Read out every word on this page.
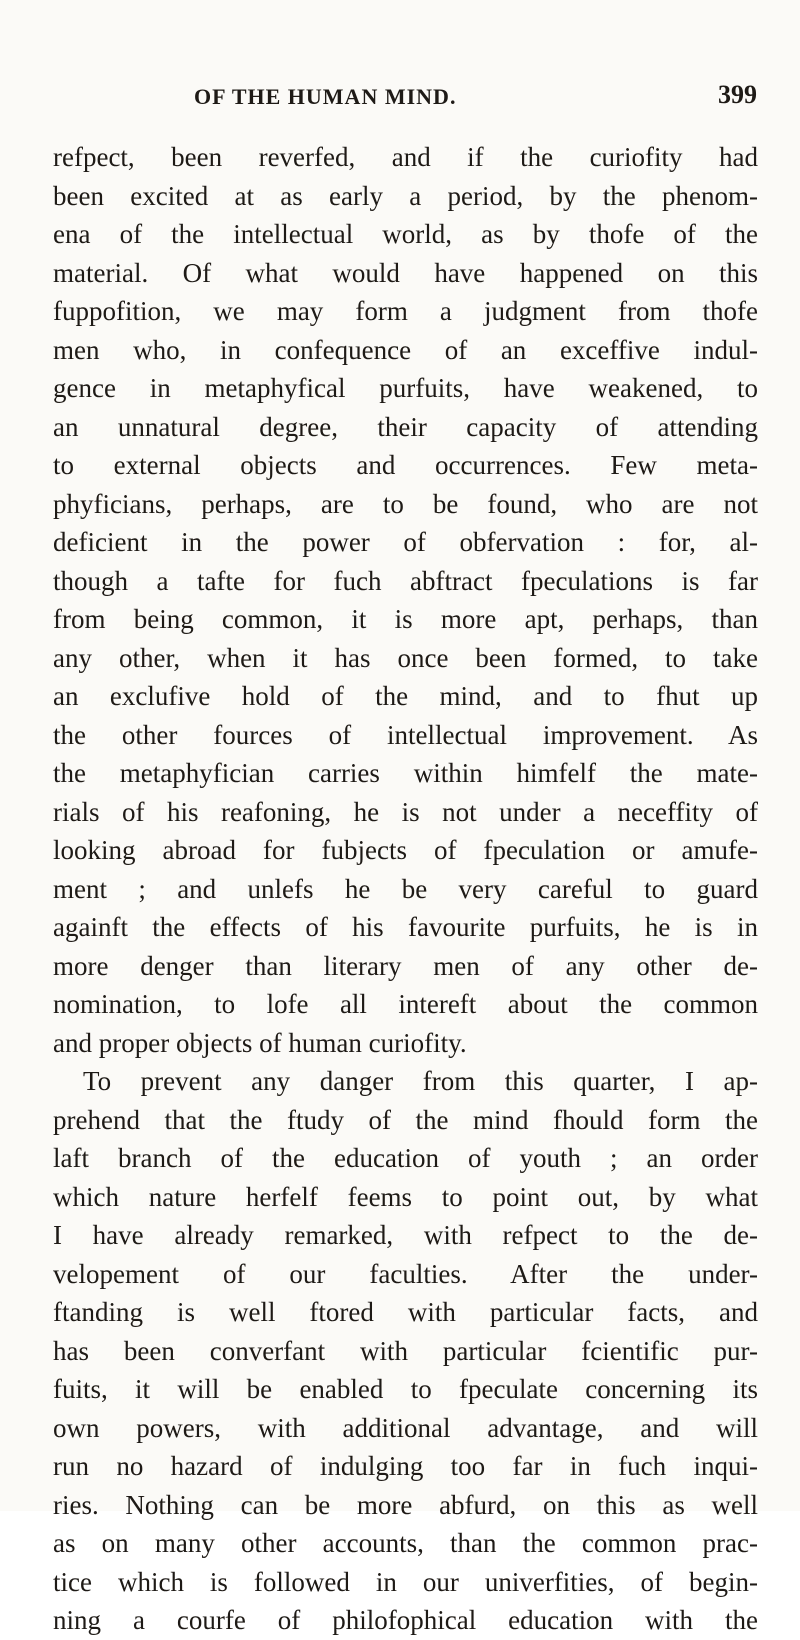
OF THE HUMAN MIND.	399
refpect, been reverfed, and if the curiofity had
been excited at as early a period, by the phenom-
ena of the intellectual world, as by thofe of the
material. Of what would have happened on this
fuppofition, we may form a judgment from thofe
men who, in confequence of an exceffive indul-
gence in metaphyfical purfuits, have weakened, to
an unnatural degree, their capacity of attending
to external objects and occurrences. Few meta-
phyficians, perhaps, are to be found, who are not
deficient in the power of obfervation : for, al-
though a tafte for fuch abftract fpeculations is far
from being common, it is more apt, perhaps, than
any other, when it has once been formed, to take
an exclufive hold of the mind, and to fhut up
the other fources of intellectual improvement. As
the metaphyfician carries within himfelf the mate-
rials of his reafoning, he is not under a neceffity of
looking abroad for fubjects of fpeculation or amufe-
ment ; and unlefs he be very careful to guard
againft the effects of his favourite purfuits, he is in
more denger than literary men of any other de-
nomination, to lofe all intereft about the common
and proper objects of human curiofity.
To prevent any danger from this quarter, I ap-
prehend that the ftudy of the mind fhould form the
laft branch of the education of youth ; an order
which nature herfelf feems to point out, by what
I have already remarked, with refpect to the de-
velopement of our faculties. After the under-
ftanding is well ftored with particular facts, and
has been converfant with particular fcientific pur-
fuits, it will be enabled to fpeculate concerning its
own powers, with additional advantage, and will
run no hazard of indulging too far in fuch inqui-
ries. Nothing can be more abfurd, on this as well
as on many other accounts, than the common prac-
tice which is followed in our univerfities, of begin-
ning a courfe of philofophical education with the
